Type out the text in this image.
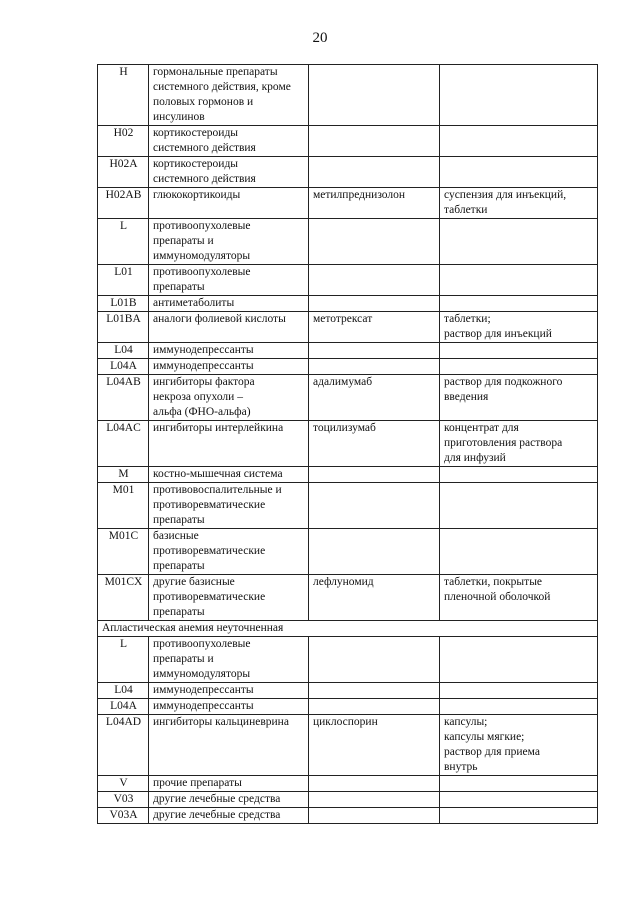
20
H	гормональные препараты
системного действия, кроме
половых гормонов и
инсулинов		
H02	кортикостероиды
системного действия		
H02A	кортикостероиды
системного действия		
H02AB	глюкокортикоиды	метилпреднизолон	суспензия для инъекций,
таблетки
L	противоопухолевые
препараты и
иммуномодуляторы		
L01	противоопухолевые
препараты		
L01B	антиметаболиты		
L01BA	аналоги фолиевой кислоты	метотрексат	таблетки;
раствор для инъекций
L04	иммунодепрессанты		
L04A	иммунодепрессанты		
L04AB	ингибиторы фактора
некроза опухоли –
альфа (ФНО-альфа)	адалимумаб	раствор для подкожного
введения
L04AC	ингибиторы интерлейкина	тоцилизумаб	концентрат для
приготовления раствора
для инфузий
M	костно-мышечная система		
M01	противовоспалительные и
противоревматические
препараты		
M01C	базисные
противоревматические
препараты		
M01CX	другие базисные
противоревматические
препараты	лефлуномид	таблетки, покрытые
пленочной оболочкой
Апластическая анемия неуточненная			
L	противоопухолевые
препараты и
иммуномодуляторы		
L04	иммунодепрессанты		
L04A	иммунодепрессанты		
L04AD	ингибиторы кальциневрина	циклоспорин	капсулы;
капсулы мягкие;
раствор для приема
внутрь
V	прочие препараты		
V03	другие лечебные средства		
V03A	другие лечебные средства		
